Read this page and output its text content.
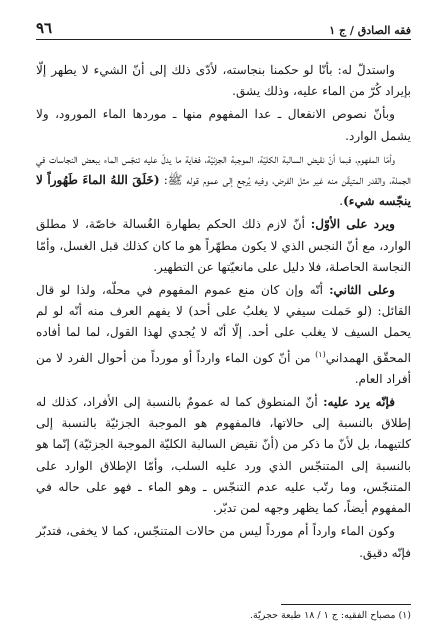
فقه الصادق / ج ١
٩٦

واستدلّ له: بأنّا لو حكمنا بنجاسته، لأدّى ذلك إلى أنّ الشيء لا يطهر إلّا بإيراد كُرّ من الماء عليه، وذلك يشق.

وبأنّ نصوص الانفعال ـ عدا المفهوم منها ـ موردها الماء المورود، ولا يشمل الوارد.

وأمّا المفهوم، فبما أنّ نقيض السالبة الكليّة، الموجبة الجزئيّة، فغاية ما يدلّ عليه تنجّس الماء ببعض النجاسات في الجملة، والقدر المتيقّن منه غير مثل الفرض، وفيه يُرجع إلى عموم قوله ﷺ: (خَلَقَ اللهُ الماءَ طَهُوراً لا ينجّسه شيء).

ويرد على الأوّل: أنّ لازم ذلك الحكم بطهارة الغُسالة خاصّة، لا مطلق الوارد، مع أنّ النجس الذي لا يكون مطهّراً هو ما كان كذلك قبل الغسل، وأمّا النجاسة الحاصلة، فلا دليل على مانعيّتها عن التطهير.

وعلى الثاني: أنّه وإن كان منع عموم المفهوم في محلّه، ولذا لو قال القائل: (لو حَملت سيفي لا يغلبُ على أحد) لا يفهم العرف منه أنّه لو لم يحمل السيف لا يغلب على أحد. إلّا أنّه لا يُجدي لهذا القول، لما لما أفاده المحقّق الهمداني$^{(١)}$ من أنّ كون الماء وارداً أو مورداً من أحوال الفرد لا من أفراد العام.

فإنّه يرد عليه: أنّ المنطوق كما له عمومٌ بالنسبة إلى الأفراد، كذلك له إطلاق بالنسبة إلى حالاتها، فالمفهوم هو الموجبة الجزئيّة بالنسبة إلى كلتيهما، بل لأنّ ما ذكر من (أنّ نقيض السالبة الكليّة الموجبة الجزئيّة) إنّما هو بالنسبة إلى المتنجّس الذي ورد عليه السلب، وأمّا الإطلاق الوارد على المتنجّس، وما رتّب عليه عدم التنجّس ـ وهو الماء ـ فهو على حاله في المفهوم أيضاً، كما يظهر وجهه لمن تدبّر.

وكون الماء وارداً أم مورداً ليس من حالات المتنجّس، كما لا يخفى، فتدبّر فإنّه دقيق.

(١) مصباح الفقيه: ج ١ / ١٨ طبعة حجريّة.
